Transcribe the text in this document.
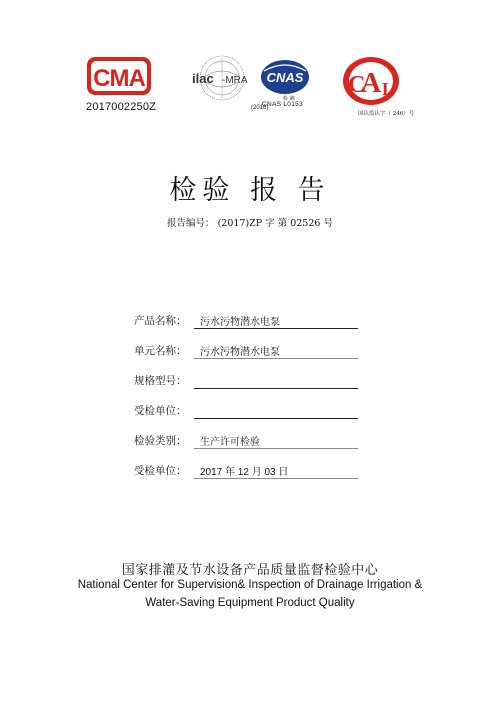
CMA	ilac -MRA CNAS A
C L
2017002250Z	(2016)
检 测
CNAS L0153
国认监认字（ 246）号
检验 报 告
报告编号： (2017)ZP 字 第 02526 号
产品名称：	污水污物潜水电泵
单元名称：	污水污物潜水电泵
规格型号：
受检单位：
检验类别：	生产许可检验
受检单位：	2017 年 12 月 03 日
国家排灌及节水设备产品质量监督检验中心
National Center for Supervision& Inspection of Drainage Irrigation &
Water-Saving Equipment Product Quality
